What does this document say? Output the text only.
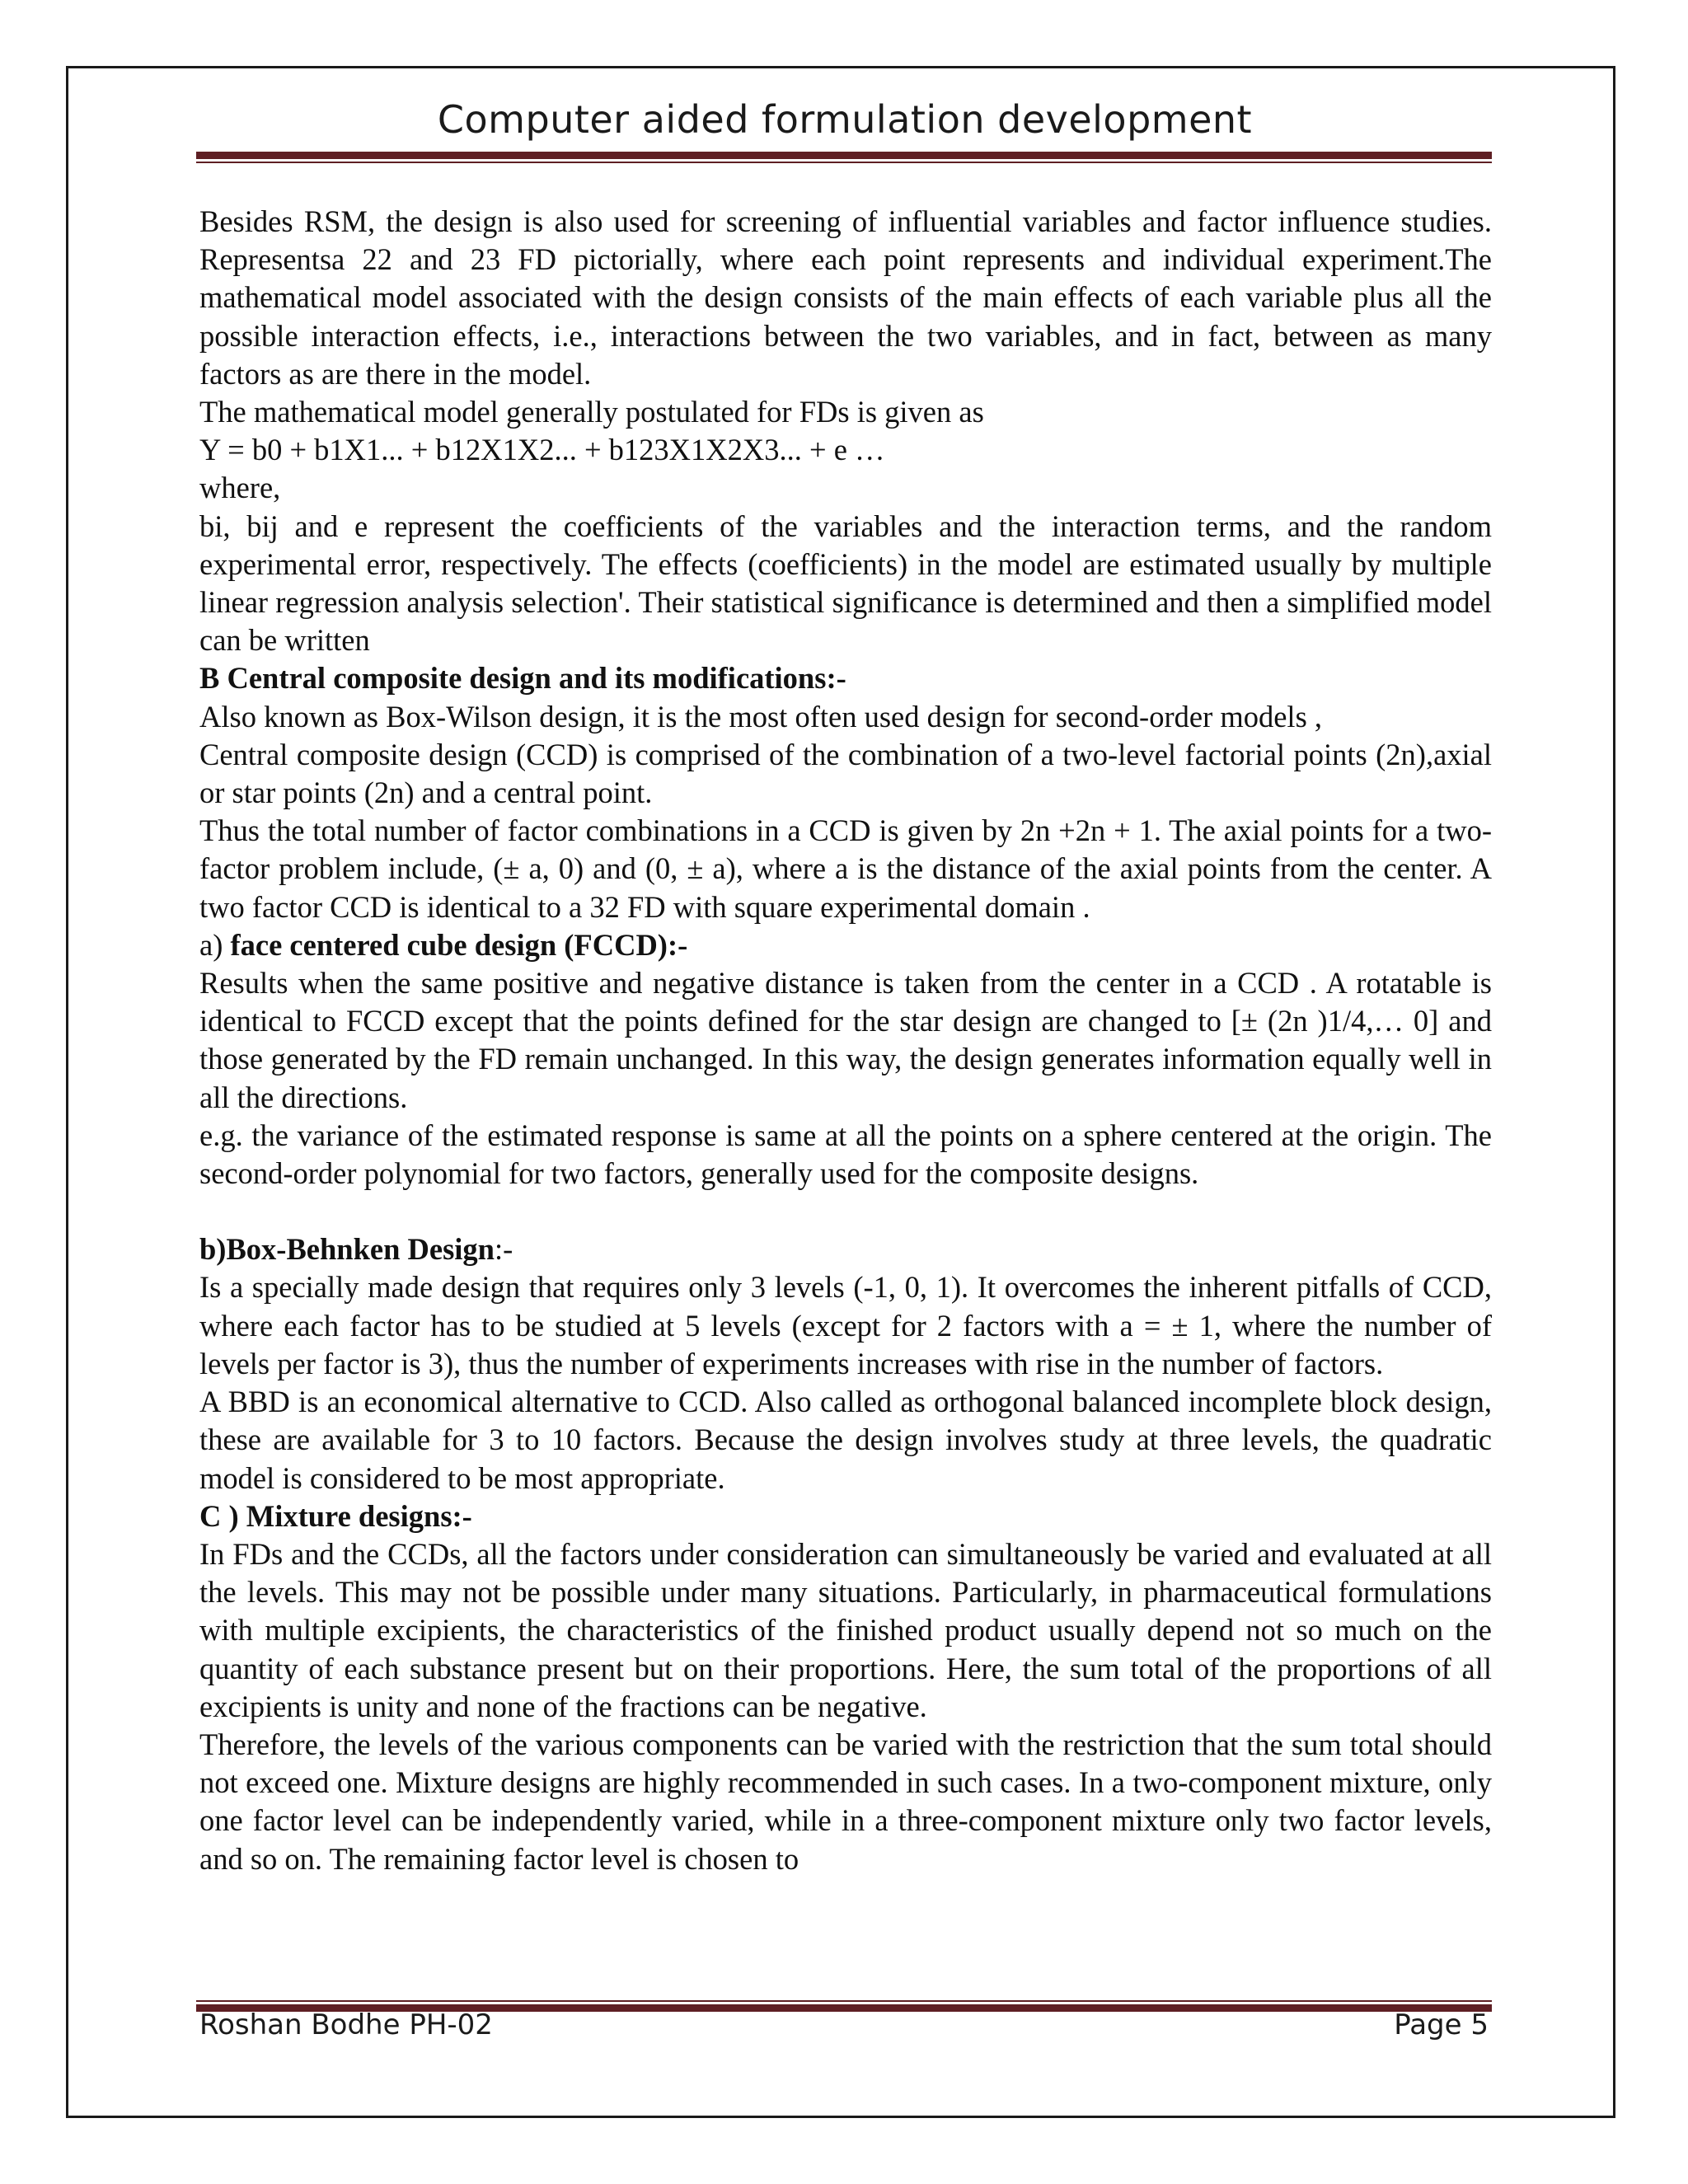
Computer aided formulation development

Besides RSM, the design is also used for screening of influential variables and factor influence studies. Representsa 22 and 23 FD pictorially, where each point represents and individual experiment.The mathematical model associated with the design consists of the main effects of each variable plus all the possible interaction effects, i.e., interactions between the two variables, and in fact, between as many factors as are there in the model.

The mathematical model generally postulated for FDs is given as

Y = b0 + b1X1... + b12X1X2... + b123X1X2X3... + e …

where,

bi, bij and e represent the coefficients of the variables and the interaction terms, and the random experimental error, respectively. The effects (coefficients) in the model are estimated usually by multiple linear regression analysis selection'. Their statistical significance is determined and then a simplified model can be written

B Central composite design and its modifications:-

Also known as Box-Wilson design, it is the most often used design for second-order models ,

Central composite design (CCD) is comprised of the combination of a two-level factorial points (2n),axial or star points (2n) and a central point.

Thus the total number of factor combinations in a CCD is given by 2n +2n + 1. The axial points for a two-factor problem include, (± a, 0) and (0, ± a), where a is the distance of the axial points from the center. A two factor CCD is identical to a 32 FD with square experimental domain .

a) face centered cube design (FCCD):-

Results when the same positive and negative distance is taken from the center in a CCD . A rotatable is identical to FCCD except that the points defined for the star design are changed to [± (2n )1/4,… 0] and those generated by the FD remain unchanged. In this way, the design generates information equally well in all the directions.

e.g. the variance of the estimated response is same at all the points on a sphere centered at the origin. The second-order polynomial for two factors, generally used for the composite designs.

b)Box-Behnken Design:-

Is a specially made design that requires only 3 levels (-1, 0, 1). It overcomes the inherent pitfalls of CCD, where each factor has to be studied at 5 levels (except for 2 factors with a = ± 1, where the number of levels per factor is 3), thus the number of experiments increases with rise in the number of factors.

A BBD is an economical alternative to CCD. Also called as orthogonal balanced incomplete block design, these are available for 3 to 10 factors. Because the design involves study at three levels, the quadratic model is considered to be most appropriate.

C ) Mixture designs:-

In FDs and the CCDs, all the factors under consideration can simultaneously be varied and evaluated at all the levels. This may not be possible under many situations. Particularly, in pharmaceutical formulations with multiple excipients, the characteristics of the finished product usually depend not so much on the quantity of each substance present but on their proportions. Here, the sum total of the proportions of all excipients is unity and none of the fractions can be negative.

Therefore, the levels of the various components can be varied with the restriction that the sum total should not exceed one. Mixture designs are highly recommended in such cases. In a two-component mixture, only one factor level can be independently varied, while in a three-component mixture only two factor levels, and so on. The remaining factor level is chosen to

Roshan Bodhe PH-02	Page 5
